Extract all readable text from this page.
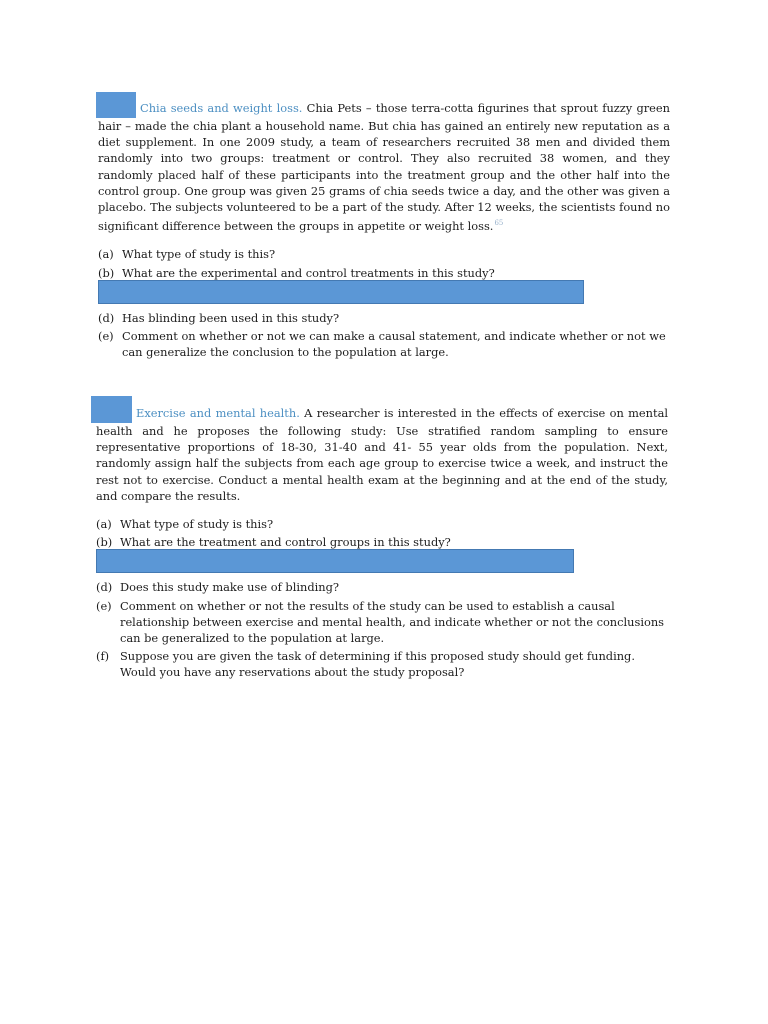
Chia seeds and weight loss. Chia Pets – those terra-cotta figurines that sprout fuzzy green hair – made the chia plant a household name. But chia has gained an entirely new reputation as a diet supplement. In one 2009 study, a team of researchers recruited 38 men and divided them randomly into two groups: treatment or control. They also recruited 38 women, and they randomly placed half of these participants into the treatment group and the other half into the control group. One group was given 25 grams of chia seeds twice a day, and the other was given a placebo. The subjects volunteered to be a part of the study. After 12 weeks, the scientists found no significant difference between the groups in appetite or weight loss.$^{65}$

(a) What type of study is this?
(b) What are the experimental and control treatments in this study?
(d) Has blinding been used in this study?
(e) Comment on whether or not we can make a causal statement, and indicate whether or not we can generalize the conclusion to the population at large.

Exercise and mental health. A researcher is interested in the effects of exercise on mental health and he proposes the following study: Use stratified random sampling to ensure representative proportions of 18-30, 31-40 and 41- 55 year olds from the population. Next, randomly assign half the subjects from each age group to exercise twice a week, and instruct the rest not to exercise. Conduct a mental health exam at the beginning and at the end of the study, and compare the results.

(a) What type of study is this?
(b) What are the treatment and control groups in this study?
(d) Does this study make use of blinding?
(e) Comment on whether or not the results of the study can be used to establish a causal relationship between exercise and mental health, and indicate whether or not the conclusions can be generalized to the population at large.
(f) Suppose you are given the task of determining if this proposed study should get funding. Would you have any reservations about the study proposal?
